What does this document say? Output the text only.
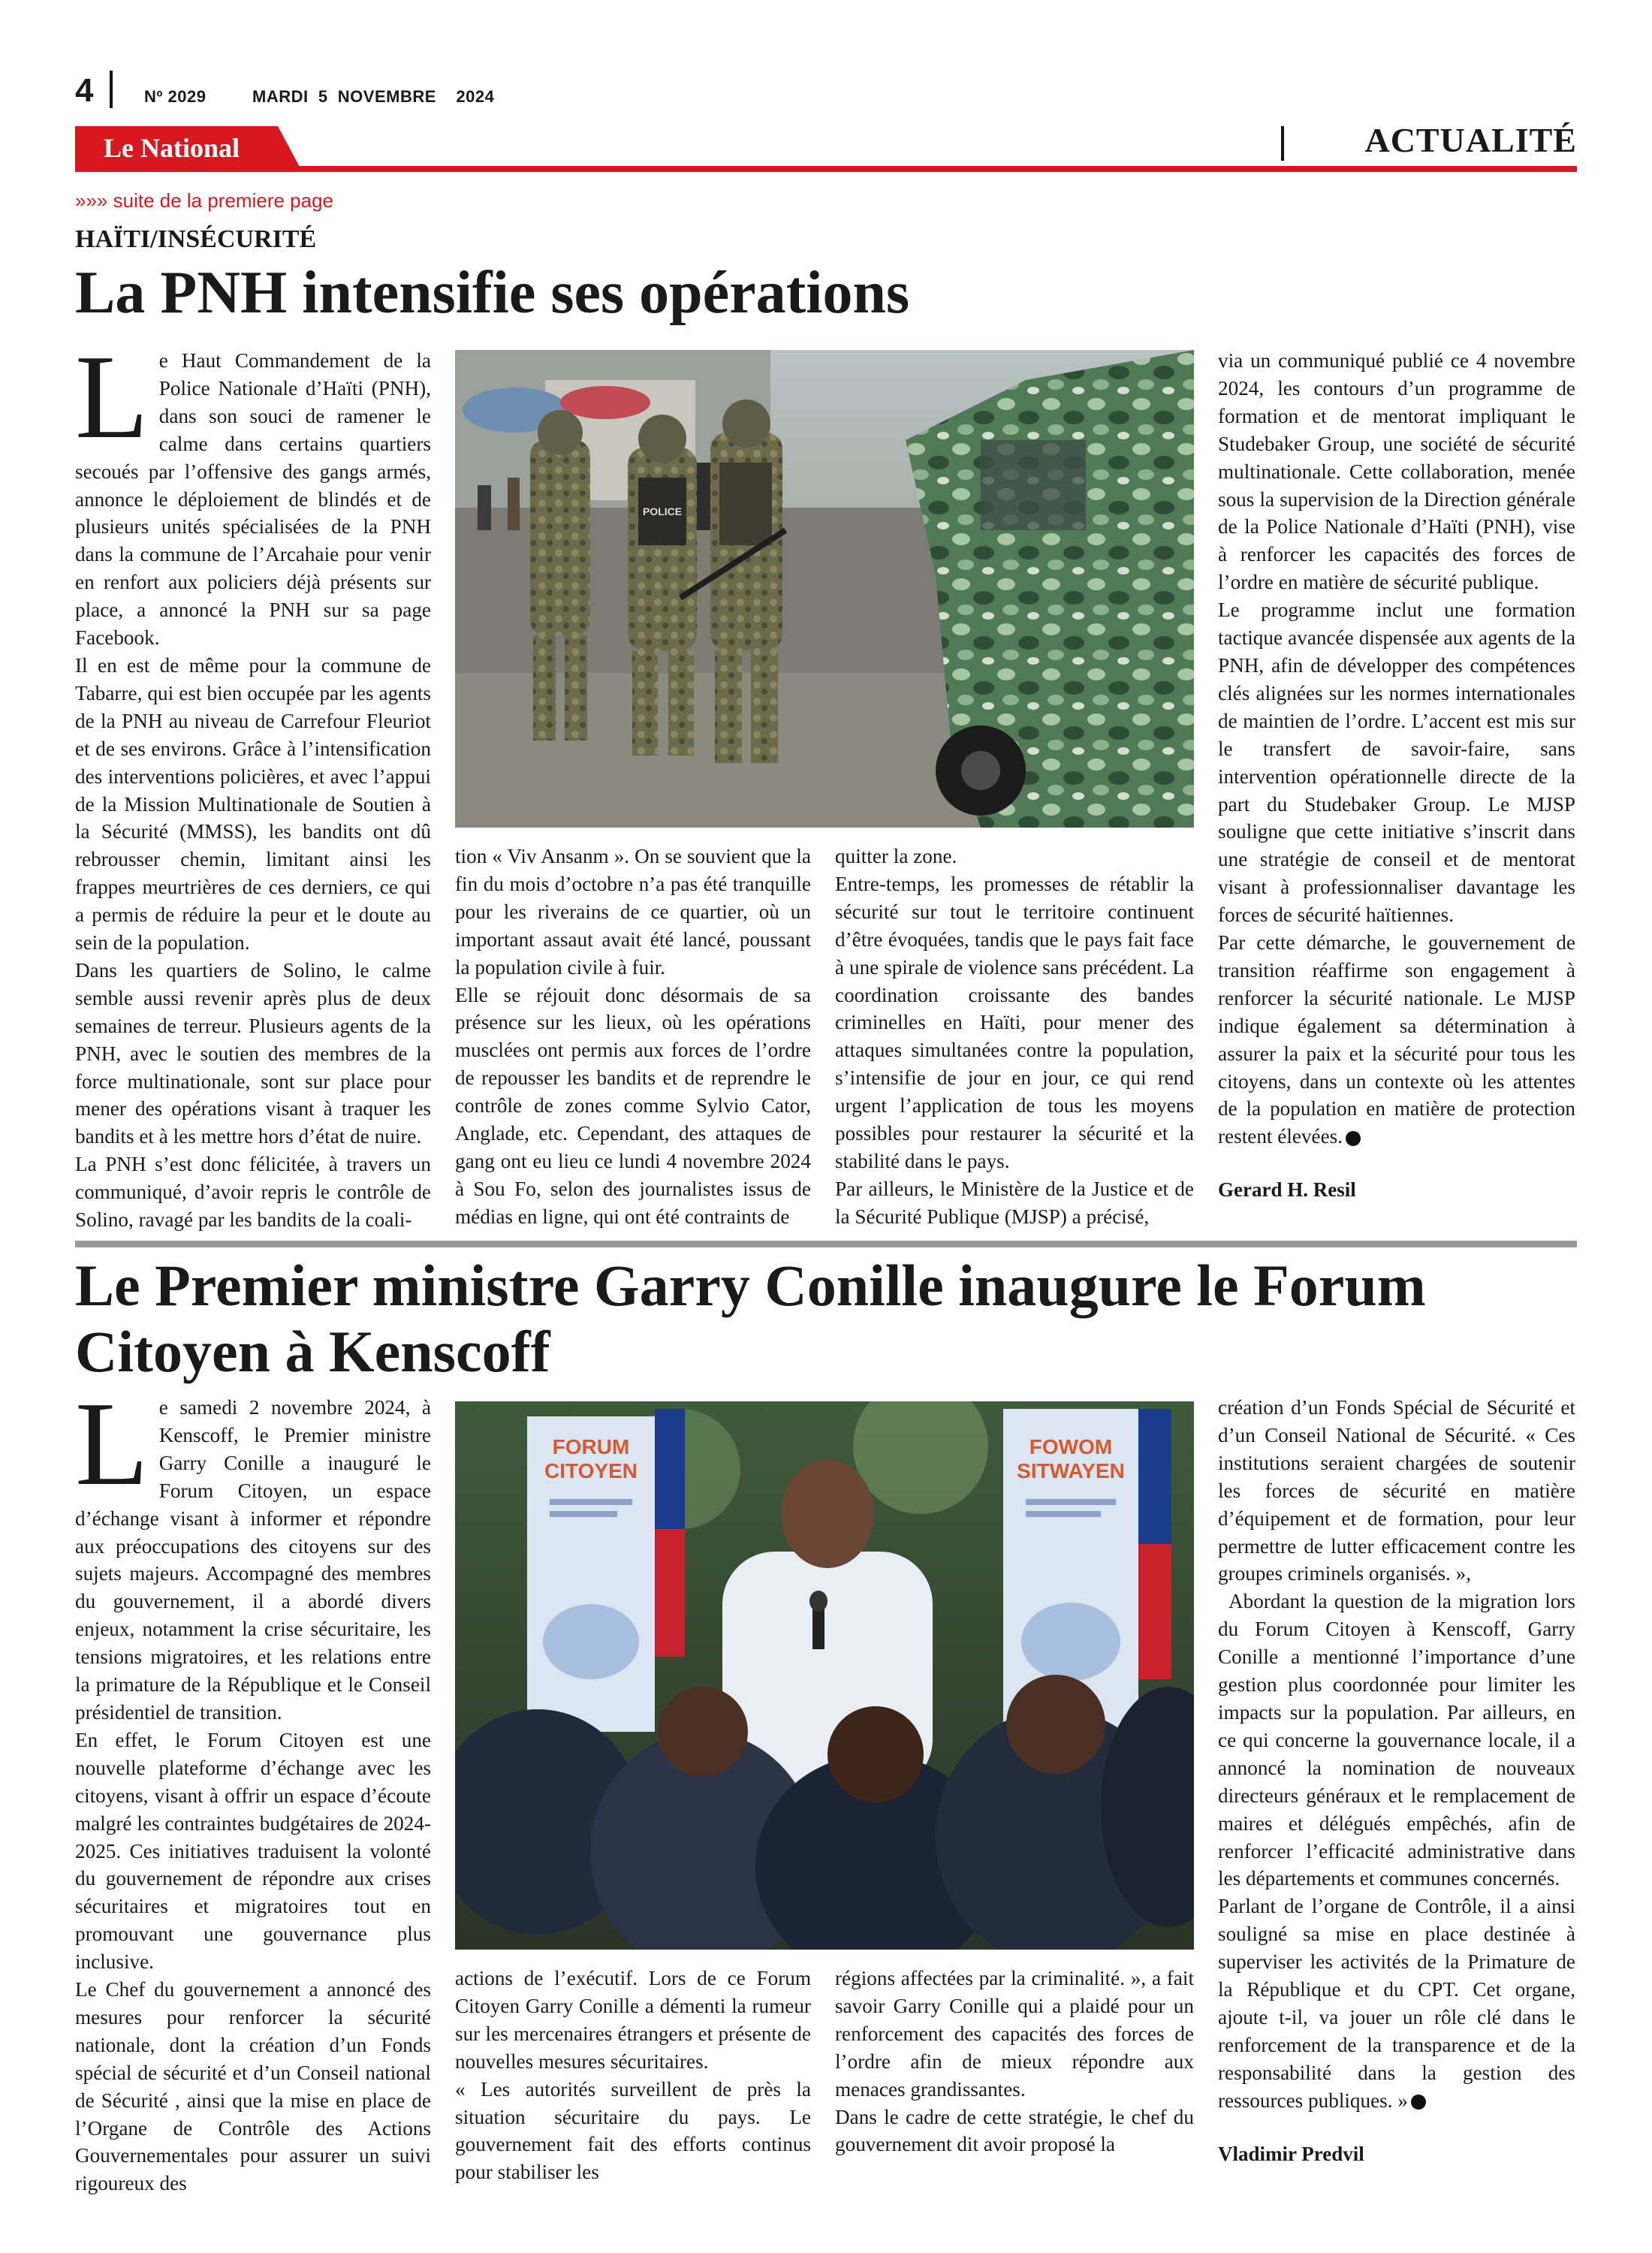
4	Nº 2029	MARDI  5  NOVEMBRE    2024
Le National	ACTUALITÉ
»»» suite de la premiere page
HAÏTI/INSÉCURITÉ
La PNH intensifie ses opérations

Le Haut Commandement de la Police Nationale d’Haïti (PNH), dans son souci de ramener le calme dans certains quartiers secoués par l’offensive des gangs armés, annonce le déploiement de blindés et de plusieurs unités spécialisées de la PNH dans la commune de l’Arcahaie pour venir en renfort aux policiers déjà présents sur place, a annoncé la PNH sur sa page Facebook.

Il en est de même pour la commune de Tabarre, qui est bien occupée par les agents de la PNH au niveau de Carrefour Fleuriot et de ses environs. Grâce à l’intensification des interventions policières, et avec l’appui de la Mission Multinationale de Soutien à la Sécurité (MMSS), les bandits ont dû rebrousser chemin, limitant ainsi les frappes meurtrières de ces derniers, ce qui a permis de réduire la peur et le doute au sein de la population.

Dans les quartiers de Solino, le calme semble aussi revenir après plus de deux semaines de terreur. Plusieurs agents de la PNH, avec le soutien des membres de la force multinationale, sont sur place pour mener des opérations visant à traquer les bandits et à les mettre hors d’état de nuire.

La PNH s’est donc félicitée, à travers un communiqué, d’avoir repris le contrôle de Solino, ravagé par les bandits de la coali-

POLICE

tion « Viv Ansanm ». On se souvient que la fin du mois d’octobre n’a pas été tranquille pour les riverains de ce quartier, où un important assaut avait été lancé, poussant la population civile à fuir.

Elle se réjouit donc désormais de sa présence sur les lieux, où les opérations musclées ont permis aux forces de l’ordre de repousser les bandits et de reprendre le contrôle de zones comme Sylvio Cator, Anglade, etc. Cependant, des attaques de gang ont eu lieu ce lundi 4 novembre 2024 à Sou Fo, selon des journalistes issus de médias en ligne, qui ont été contraints de

quitter la zone.

Entre-temps, les promesses de rétablir la sécurité sur tout le territoire continuent d’être évoquées, tandis que le pays fait face à une spirale de violence sans précédent. La coordination croissante des bandes criminelles en Haïti, pour mener des attaques simultanées contre la population, s’intensifie de jour en jour, ce qui rend urgent l’application de tous les moyens possibles pour restaurer la sécurité et la stabilité dans le pays.

Par ailleurs, le Ministère de la Justice et de la Sécurité Publique (MJSP) a précisé,

via un communiqué publié ce 4 novembre 2024, les contours d’un programme de formation et de mentorat impliquant le Studebaker Group, une société de sécurité multinationale. Cette collaboration, menée sous la supervision de la Direction générale de la Police Nationale d’Haïti (PNH), vise à renforcer les capacités des forces de l’ordre en matière de sécurité publique.

Le programme inclut une formation tactique avancée dispensée aux agents de la PNH, afin de développer des compétences clés alignées sur les normes internationales de maintien de l’ordre. L’accent est mis sur le transfert de savoir-faire, sans intervention opérationnelle directe de la part du Studebaker Group. Le MJSP souligne que cette initiative s’inscrit dans une stratégie de conseil et de mentorat visant à professionnaliser davantage les forces de sécurité haïtiennes.

Par cette démarche, le gouvernement de transition réaffirme son engagement à renforcer la sécurité nationale. Le MJSP indique également sa détermination à assurer la paix et la sécurité pour tous les citoyens, dans un contexte où les attentes de la population en matière de protection restent élevées.

Gerard H. Resil

Le Premier ministre Garry Conille inaugure le Forum Citoyen à Kenscoff

Le samedi 2 novembre 2024, à Kenscoff, le Premier ministre Garry Conille a inauguré le Forum Citoyen, un espace d’échange visant à informer et répondre aux préoccupations des citoyens sur des sujets majeurs. Accompagné des membres du gouvernement, il a abordé divers enjeux, notamment la crise sécuritaire, les tensions migratoires, et les relations entre la primature de la République et le Conseil présidentiel de transition.

En effet, le Forum Citoyen est une nouvelle plateforme d’échange avec les citoyens, visant à offrir un espace d’écoute malgré les contraintes budgétaires de 2024-2025. Ces initiatives traduisent la volonté du gouvernement de répondre aux crises sécuritaires et migratoires tout en promouvant une gouvernance plus inclusive.

Le Chef du gouvernement a annoncé des mesures pour renforcer la sécurité nationale, dont la création d’un Fonds spécial de sécurité et d’un Conseil national de Sécurité , ainsi que la mise en place de l’Organe de Contrôle des Actions Gouvernementales pour assurer un suivi rigoureux des

FORUM
CITOYEN
FOWOM
SITWAYEN

actions de l’exécutif. Lors de ce Forum Citoyen Garry Conille a démenti la rumeur sur les mercenaires étrangers et présente de nouvelles mesures sécuritaires.

« Les autorités surveillent de près la situation sécuritaire du pays. Le gouvernement fait des efforts continus pour stabiliser les

régions affectées par la criminalité. », a fait savoir Garry Conille qui a plaidé pour un renforcement des capacités des forces de l’ordre afin de mieux répondre aux menaces grandissantes.

Dans le cadre de cette stratégie, le chef du gouvernement dit avoir proposé la

création d’un Fonds Spécial de Sécurité et d’un Conseil National de Sécurité. « Ces institutions seraient chargées de soutenir les forces de sécurité en matière d’équipement et de formation, pour leur permettre de lutter efficacement contre les groupes criminels organisés. »,

Abordant la question de la migration lors du Forum Citoyen à Kenscoff, Garry Conille a mentionné l’importance d’une gestion plus coordonnée pour limiter les impacts sur la population. Par ailleurs, en ce qui concerne la gouvernance locale, il a annoncé la nomination de nouveaux directeurs généraux et le remplacement de maires et délégués empêchés, afin de renforcer l’efficacité administrative dans les départements et communes concernés.

Parlant de l’organe de Contrôle, il a ainsi souligné sa mise en place destinée à superviser les activités de la Primature de la République et du CPT. Cet organe, ajoute t-il, va jouer un rôle clé dans le renforcement de la transparence et de la responsabilité dans la gestion des ressources publiques. »

Vladimir Predvil
